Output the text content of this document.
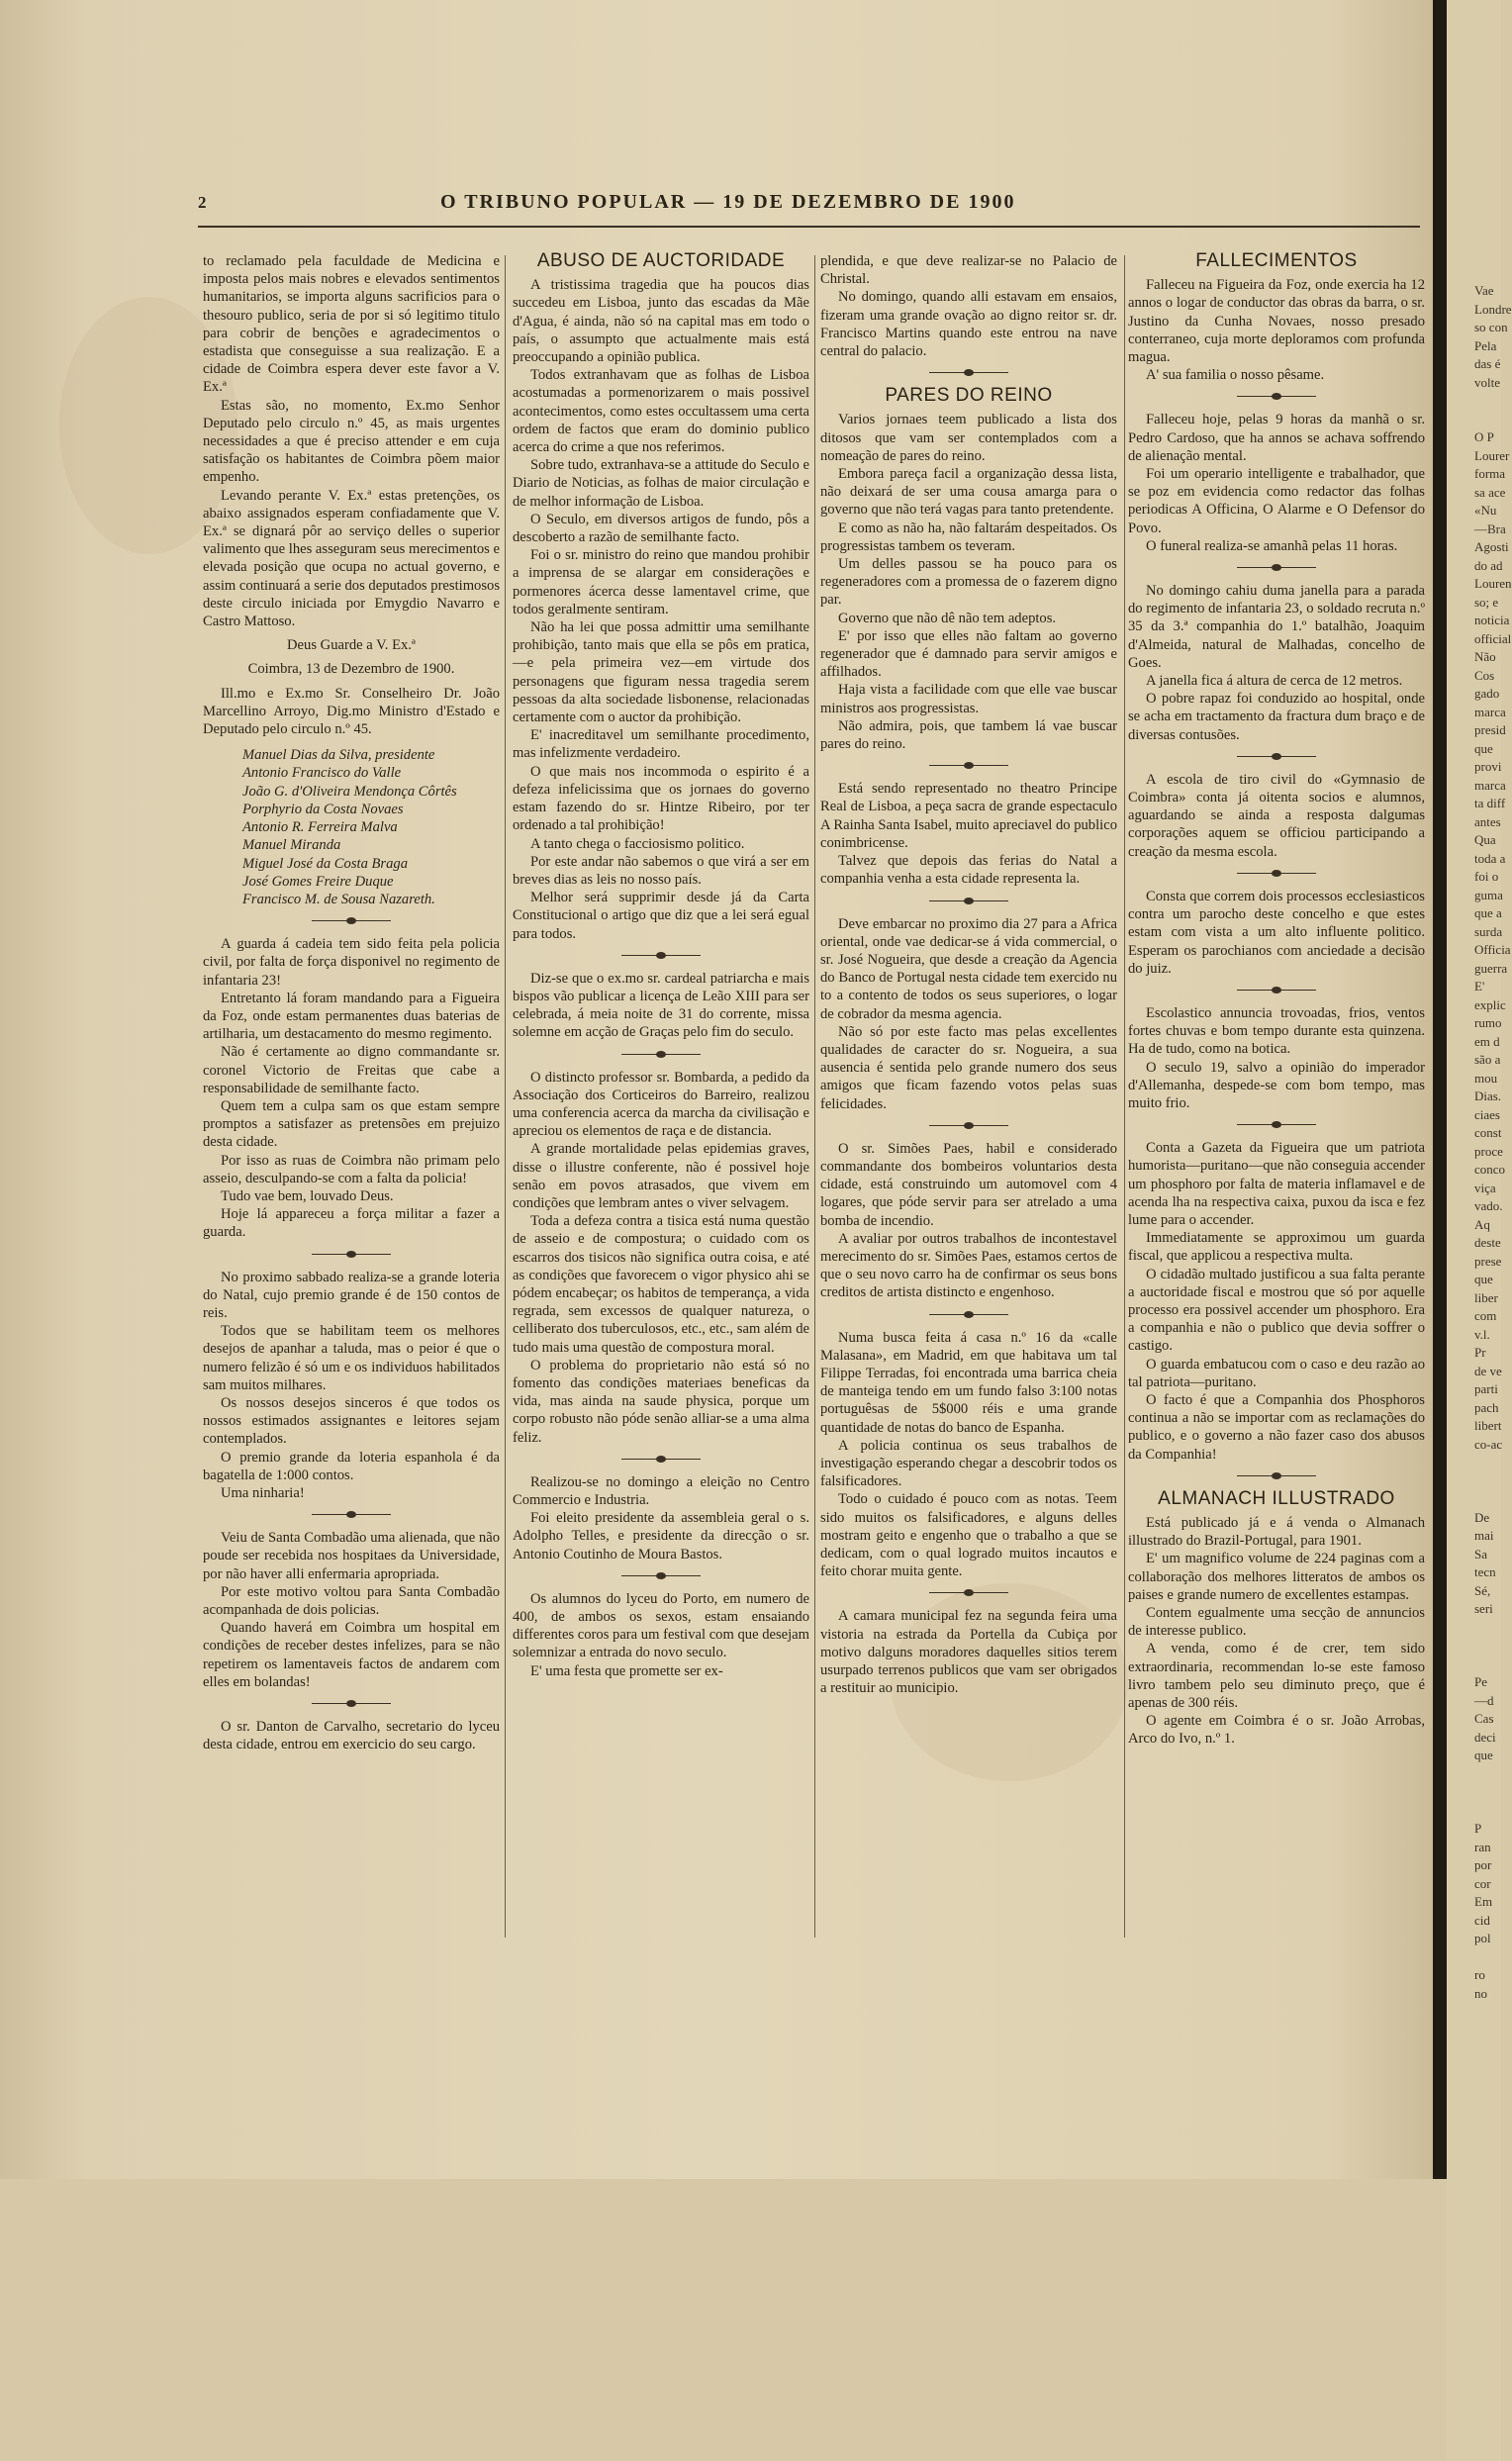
2	O TRIBUNO POPULAR — 19 DE DEZEMBRO DE 1900

to reclamado pela faculdade de Medicina e imposta pelos mais nobres e elevados sentimentos humanitarios, se importa alguns sacrificios para o thesouro publico, seria de por si só legitimo titulo para cobrir de benções e agradecimentos o estadista que conseguisse a sua realização. E a cidade de Coimbra espera dever este favor a V. Ex.ª

Estas são, no momento, Ex.mo Senhor Deputado pelo circulo n.º 45, as mais urgentes necessidades a que é preciso attender e em cuja satisfação os habitantes de Coimbra põem maior empenho.

Levando perante V. Ex.ª estas pretenções, os abaixo assignados esperam confiadamente que V. Ex.ª se dignará pôr ao serviço delles o superior valimento que lhes asseguram seus merecimentos e elevada posição que ocupa no actual governo, e assim continuará a serie dos deputados prestimosos deste circulo iniciada por Emygdio Navarro e Castro Mattoso.

Deus Guarde a V. Ex.ª

Coimbra, 13 de Dezembro de 1900.

Ill.mo e Ex.mo Sr. Conselheiro Dr. João Marcellino Arroyo, Dig.mo Ministro d'Estado e Deputado pelo circulo n.º 45.

Manuel Dias da Silva, presidente
Antonio Francisco do Valle
João G. d'Oliveira Mendonça Côrtês
Porphyrio da Costa Novaes
Antonio R. Ferreira Malva
Manuel Miranda
Miguel José da Costa Braga
José Gomes Freire Duque
Francisco M. de Sousa Nazareth.

A guarda á cadeia tem sido feita pela policia civil, por falta de força disponivel no regimento de infantaria 23!

Entretanto lá foram mandando para a Figueira da Foz, onde estam permanentes duas baterias de artilharia, um destacamento do mesmo regimento.

Não é certamente ao digno commandante sr. coronel Victorio de Freitas que cabe a responsabilidade de semilhante facto.

Quem tem a culpa sam os que estam sempre promptos a satisfazer as pretensões em prejuizo desta cidade.

Por isso as ruas de Coimbra não primam pelo asseio, desculpando-se com a falta da policia!

Tudo vae bem, louvado Deus.

Hoje lá appareceu a força militar a fazer a guarda.

No proximo sabbado realiza-se a grande loteria do Natal, cujo premio grande é de 150 contos de reis.

Todos que se habilitam teem os melhores desejos de apanhar a taluda, mas o peior é que o numero felizão é só um e os individuos habilitados sam muitos milhares.

Os nossos desejos sinceros é que todos os nossos estimados assignantes e leitores sejam contemplados.

O premio grande da loteria espanhola é da bagatella de 1:000 contos.

Uma ninharia!

Veiu de Santa Combadão uma alienada, que não poude ser recebida nos hospitaes da Universidade, por não haver alli enfermaria apropriada.

Por este motivo voltou para Santa Combadão acompanhada de dois policias.

Quando haverá em Coimbra um hospital em condições de receber destes infelizes, para se não repetirem os lamentaveis factos de andarem com elles em bolandas!

O sr. Danton de Carvalho, secretario do lyceu desta cidade, entrou em exercicio do seu cargo.

ABUSO DE AUCTORIDADE

A tristissima tragedia que ha poucos dias succedeu em Lisboa, junto das escadas da Mãe d'Agua, é ainda, não só na capital mas em todo o país, o assumpto que actualmente mais está preoccupando a opinião publica.

Todos extranhavam que as folhas de Lisboa acostumadas a pormenorizarem o mais possivel acontecimentos, como estes occultassem uma certa ordem de factos que eram do dominio publico acerca do crime a que nos referimos.

Sobre tudo, extranhava-se a attitude do Seculo e Diario de Noticias, as folhas de maior circulação e de melhor informação de Lisboa.

O Seculo, em diversos artigos de fundo, pôs a descoberto a razão de semilhante facto.

Foi o sr. ministro do reino que mandou prohibir a imprensa de se alargar em considerações e pormenores ácerca desse lamentavel crime, que todos geralmente sentiram.

Não ha lei que possa admittir uma semilhante prohibição, tanto mais que ella se pôs em pratica,—e pela primeira vez—em virtude dos personagens que figuram nessa tragedia serem pessoas da alta sociedade lisbonense, relacionadas certamente com o auctor da prohibição.

E' inacreditavel um semilhante procedimento, mas infelizmente verdadeiro.

O que mais nos incommoda o espirito é a defeza infelicissima que os jornaes do governo estam fazendo do sr. Hintze Ribeiro, por ter ordenado a tal prohibição!

A tanto chega o facciosismo politico.

Por este andar não sabemos o que virá a ser em breves dias as leis no nosso país.

Melhor será supprimir desde já da Carta Constitucional o artigo que diz que a lei será egual para todos.

Diz-se que o ex.mo sr. cardeal patriarcha e mais bispos vão publicar a licença de Leão XIII para ser celebrada, á meia noite de 31 do corrente, missa solemne em acção de Graças pelo fim do seculo.

O distincto professor sr. Bombarda, a pedido da Associação dos Corticeiros do Barreiro, realizou uma conferencia acerca da marcha da civilisação e apreciou os elementos de raça e de distancia.

A grande mortalidade pelas epidemias graves, disse o illustre conferente, não é possivel hoje senão em povos atrasados, que vivem em condições que lembram antes o viver selvagem.

Toda a defeza contra a tisica está numa questão de asseio e de compostura; o cuidado com os escarros dos tisicos não significa outra coisa, e até as condições que favorecem o vigor physico ahi se pódem encabeçar; os habitos de temperança, a vida regrada, sem excessos de qualquer natureza, o celliberato dos tuberculosos, etc., etc., sam além de tudo mais uma questão de compostura moral.

O problema do proprietario não está só no fomento das condições materiaes beneficas da vida, mas ainda na saude physica, porque um corpo robusto não póde senão alliar-se a uma alma feliz.

Realizou-se no domingo a eleição no Centro Commercio e Industria.

Foi eleito presidente da assembleia geral o s. Adolpho Telles, e presidente da direcção o sr. Antonio Coutinho de Moura Bastos.

Os alumnos do lyceu do Porto, em numero de 400, de ambos os sexos, estam ensaiando differentes coros para um festival com que desejam solemnizar a entrada do novo seculo.

E' uma festa que promette ser ex-

plendida, e que deve realizar-se no Palacio de Christal.

No domingo, quando alli estavam em ensaios, fizeram uma grande ovação ao digno reitor sr. dr. Francisco Martins quando este entrou na nave central do palacio.

PARES DO REINO

Varios jornaes teem publicado a lista dos ditosos que vam ser contemplados com a nomeação de pares do reino.

Embora pareça facil a organização dessa lista, não deixará de ser uma cousa amarga para o governo que não terá vagas para tanto pretendente.

E como as não ha, não faltarám despeitados. Os progressistas tambem os teveram.

Um delles passou se ha pouco para os regeneradores com a promessa de o fazerem digno par.

Governo que não dê não tem adeptos.

E' por isso que elles não faltam ao governo regenerador que é damnado para servir amigos e affilhados.

Haja vista a facilidade com que elle vae buscar ministros aos progressistas.

Não admira, pois, que tambem lá vae buscar pares do reino.

Está sendo representado no theatro Principe Real de Lisboa, a peça sacra de grande espectaculo A Rainha Santa Isabel, muito apreciavel do publico conimbricense.

Talvez que depois das ferias do Natal a companhia venha a esta cidade representa la.

Deve embarcar no proximo dia 27 para a Africa oriental, onde vae dedicar-se á vida commercial, o sr. José Nogueira, que desde a creação da Agencia do Banco de Portugal nesta cidade tem exercido nu to a contento de todos os seus superiores, o logar de cobrador da mesma agencia.

Não só por este facto mas pelas excellentes qualidades de caracter do sr. Nogueira, a sua ausencia é sentida pelo grande numero dos seus amigos que ficam fazendo votos pelas suas felicidades.

O sr. Simões Paes, habil e considerado commandante dos bombeiros voluntarios desta cidade, está construindo um automovel com 4 logares, que póde servir para ser atrelado a uma bomba de incendio.

A avaliar por outros trabalhos de incontestavel merecimento do sr. Simões Paes, estamos certos de que o seu novo carro ha de confirmar os seus bons creditos de artista distincto e engenhoso.

Numa busca feita á casa n.º 16 da «calle Malasana», em Madrid, em que habitava um tal Filippe Terradas, foi encontrada uma barrica cheia de manteiga tendo em um fundo falso 3:100 notas portuguêsas de 5$000 réis e uma grande quantidade de notas do banco de Espanha.

A policia continua os seus trabalhos de investigação esperando chegar a descobrir todos os falsificadores.

Todo o cuidado é pouco com as notas. Teem sido muitos os falsificadores, e alguns delles mostram geito e engenho que o trabalho a que se dedicam, com o qual logrado muitos incautos e feito chorar muita gente.

A camara municipal fez na segunda feira uma vistoria na estrada da Portella da Cubiça por motivo dalguns moradores daquelles sitios terem usurpado terrenos publicos que vam ser obrigados a restituir ao municipio.

FALLECIMENTOS

Falleceu na Figueira da Foz, onde exercia ha 12 annos o logar de conductor das obras da barra, o sr. Justino da Cunha Novaes, nosso presado conterraneo, cuja morte deploramos com profunda magua.

A' sua familia o nosso pêsame.

Falleceu hoje, pelas 9 horas da manhã o sr. Pedro Cardoso, que ha annos se achava soffrendo de alienação mental.

Foi um operario intelligente e trabalhador, que se poz em evidencia como redactor das folhas periodicas A Officina, O Alarme e O Defensor do Povo.

O funeral realiza-se amanhã pelas 11 horas.

No domingo cahiu duma janella para a parada do regimento de infantaria 23, o soldado recruta n.º 35 da 3.ª companhia do 1.º batalhão, Joaquim d'Almeida, natural de Malhadas, concelho de Goes.

A janella fica á altura de cerca de 12 metros.

O pobre rapaz foi conduzido ao hospital, onde se acha em tractamento da fractura dum braço e de diversas contusões.

A escola de tiro civil do «Gymnasio de Coimbra» conta já oitenta socios e alumnos, aguardando se ainda a resposta dalgumas corporações aquem se officiou participando a creação da mesma escola.

Consta que correm dois processos ecclesiasticos contra um parocho deste concelho e que estes estam com vista a um alto influente politico. Esperam os parochianos com anciedade a decisão do juiz.

Escolastico annuncia trovoadas, frios, ventos fortes chuvas e bom tempo durante esta quinzena. Ha de tudo, como na botica.

O seculo 19, salvo a opinião do imperador d'Allemanha, despede-se com bom tempo, mas muito frio.

Conta a Gazeta da Figueira que um patriota humorista—puritano—que não conseguia accender um phosphoro por falta de materia inflamavel e de acenda lha na respectiva caixa, puxou da isca e fez lume para o accender.

Immediatamente se approximou um guarda fiscal, que applicou a respectiva multa.

O cidadão multado justificou a sua falta perante a auctoridade fiscal e mostrou que só por aquelle processo era possivel accender um phosphoro. Era a companhia e não o publico que devia soffrer o castigo.

O guarda embatucou com o caso e deu razão ao tal patriota—puritano.

O facto é que a Companhia dos Phosphoros continua a não se importar com as reclamações do publico, e o governo a não fazer caso dos abusos da Companhia!

ALMANACH ILLUSTRADO

Está publicado já e á venda o Almanach illustrado do Brazil-Portugal, para 1901.

E' um magnifico volume de 224 paginas com a collaboração dos melhores litteratos de ambos os paises e grande numero de excellentes estampas.

Contem egualmente uma secção de annuncios de interesse publico.

A venda, como é de crer, tem sido extraordinaria, recommendan lo-se este famoso livro tambem pelo seu diminuto preço, que é apenas de 300 réis.

O agente em Coimbra é o sr. João Arrobas, Arco do Ivo, n.º 1.

Vae
Londre
so con
Pela
das é
volte

O P
Lourer
forma
sa ace
«Nu
—Bra
Agosti
do ad
Louren
so; e
noticia
official
Não
Cos
gado
marca
presid
que
provi
marca
ta diff
antes
Qua
toda a
foi o
guma
que a
surda
Officia
guerra
E'
explic
rumo
em d
são a
mou
Dias.
ciaes
const
proce
conco
viça
vado.
Aq
deste
prese
que
liber
com
v.l.
Pr
de ve
parti
pach
libert
co-ac

De
mai
Sa
tecn
Sé,
seri

Pe
—d
Cas
deci
que

P
ran
por
cor
Em
cid
pol

ro
no
